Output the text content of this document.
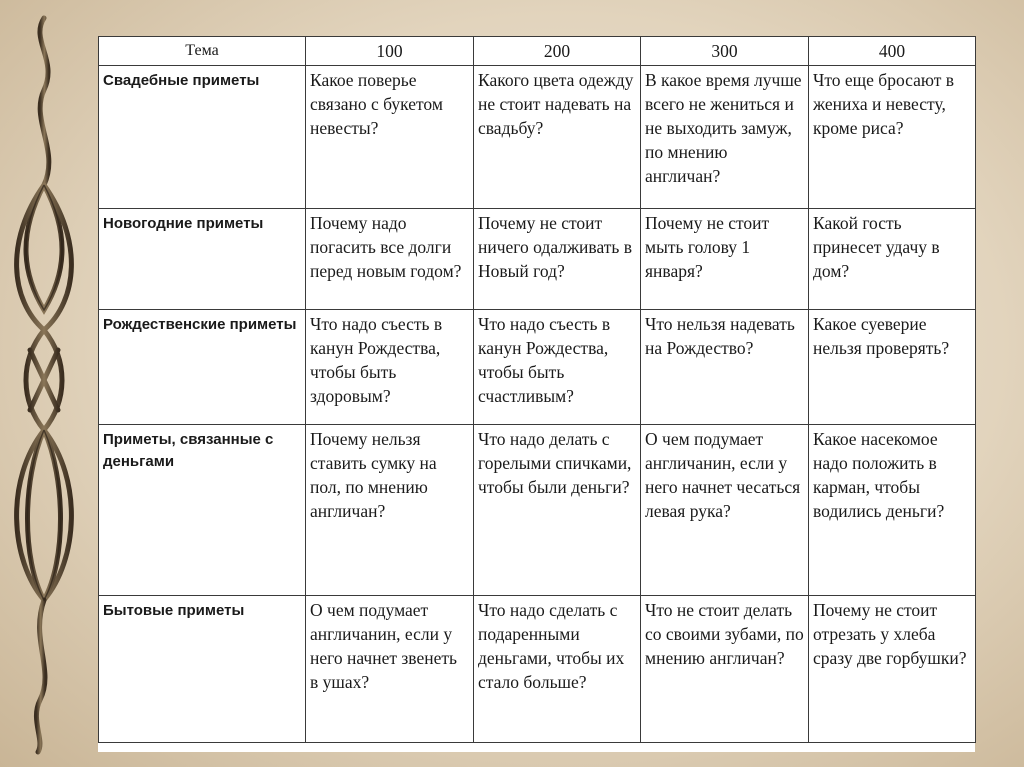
Тема	100	200	300	400
Свадебные приметы	Какое поверье связано с букетом невесты?	Какого цвета одежду не стоит надевать на свадьбу?	В какое время лучше всего не жениться и не выходить замуж, по мнению англичан?	Что еще бросают в жениха и невесту, кроме риса?
Новогодние приметы	Почему надо погасить все долги перед новым годом?	Почему не стоит ничего одалживать в Новый год?	Почему не стоит мыть голову 1 января?	Какой гость принесет удачу в дом?
Рождественские приметы	Что надо съесть в канун Рождества, чтобы быть здоровым?	Что надо съесть в канун Рождества, чтобы быть счастливым?	Что нельзя надевать на Рождество?	Какое суеверие нельзя проверять?
Приметы, связанные с деньгами	Почему нельзя ставить сумку на пол, по мнению англичан?	Что надо делать с горелыми спичками, чтобы были деньги?	О чем подумает англичанин, если у него начнет чесаться левая рука?	Какое насекомое надо положить в карман, чтобы водились деньги?
Бытовые приметы	О чем подумает англичанин, если у него начнет звенеть в ушах?	Что надо сделать с подаренными деньгами, чтобы их стало больше?	Что не стоит делать со своими зубами, по мнению англичан?	Почему не стоит отрезать у хлеба сразу две горбушки?
